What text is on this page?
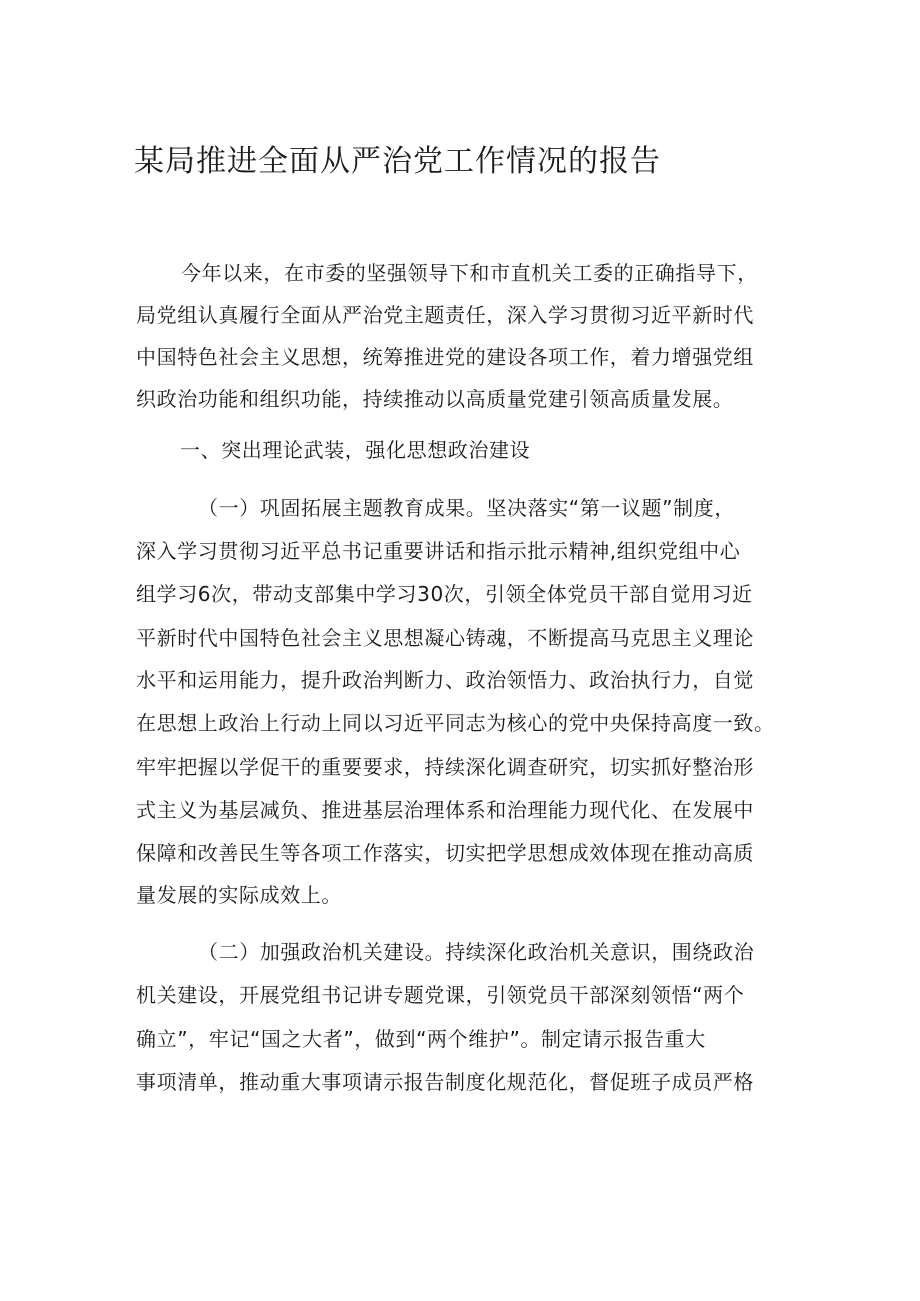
某局推进全面从严治党工作情况的报告
今年以来，在市委的坚强领导下和市直机关工委的正确指导下，
局党组认真履行全面从严治党主题责任，深入学习贯彻习近平新时代
中国特色社会主义思想，统筹推进党的建设各项工作，着力增强党组
织政治功能和组织功能，持续推动以高质量党建引领高质量发展。
一、突出理论武装，强化思想政治建设
（一）巩固拓展主题教育成果。坚决落实“第一议题”制度，
深入学习贯彻习近平总书记重要讲话和指示批示精神,组织党组中心
组学习6次，带动支部集中学习30次，引领全体党员干部自觉用习近
平新时代中国特色社会主义思想凝心铸魂，不断提高马克思主义理论
水平和运用能力，提升政治判断力、政治领悟力、政治执行力，自觉
在思想上政治上行动上同以习近平同志为核心的党中央保持高度一致。
牢牢把握以学促干的重要要求，持续深化调查研究，切实抓好整治形
式主义为基层减负、推进基层治理体系和治理能力现代化、在发展中
保障和改善民生等各项工作落实，切实把学思想成效体现在推动高质
量发展的实际成效上。
（二）加强政治机关建设。持续深化政治机关意识，围绕政治
机关建设，开展党组书记讲专题党课，引领党员干部深刻领悟“两个
确立”，牢记“国之大者”，做到“两个维护”。制定请示报告重大
事项清单，推动重大事项请示报告制度化规范化，督促班子成员严格
